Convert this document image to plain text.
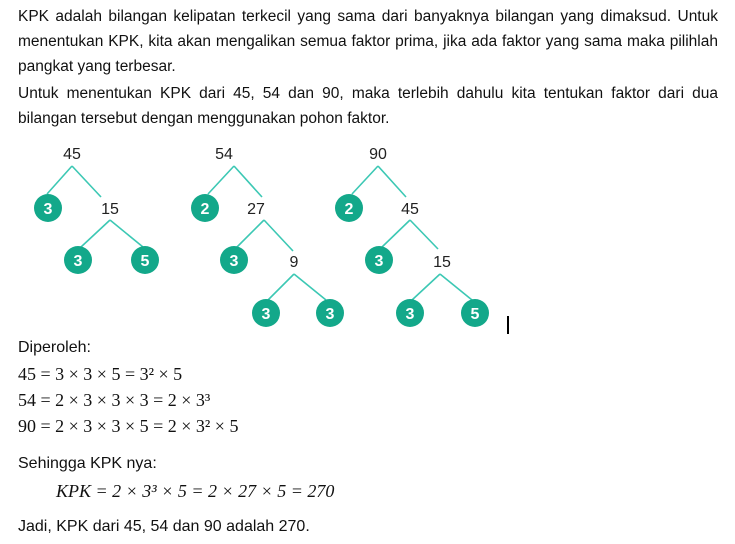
KPK adalah bilangan kelipatan terkecil yang sama dari banyaknya bilangan yang dimaksud. Untuk menentukan KPK, kita akan mengalikan semua faktor prima, jika ada faktor yang sama maka pilihlah pangkat yang terbesar.

Untuk menentukan KPK dari 45, 54 dan 90, maka terlebih dahulu kita tentukan faktor dari dua bilangan tersebut dengan menggunakan pohon faktor.

45
3	15
3	5
54
2 27
3	9
3	3
90
2	45
3	15
3	5
Diperoleh:
45 = 3 × 3 × 5 = 3² × 5
54 = 2 × 3 × 3 × 3 = 2 × 3³
90 = 2 × 3 × 3 × 5 = 2 × 3² × 5
Sehingga KPK nya:
KPK = 2 × 3³ × 5 = 2 × 27 × 5 = 270
Jadi, KPK dari 45, 54 dan 90 adalah 270.
